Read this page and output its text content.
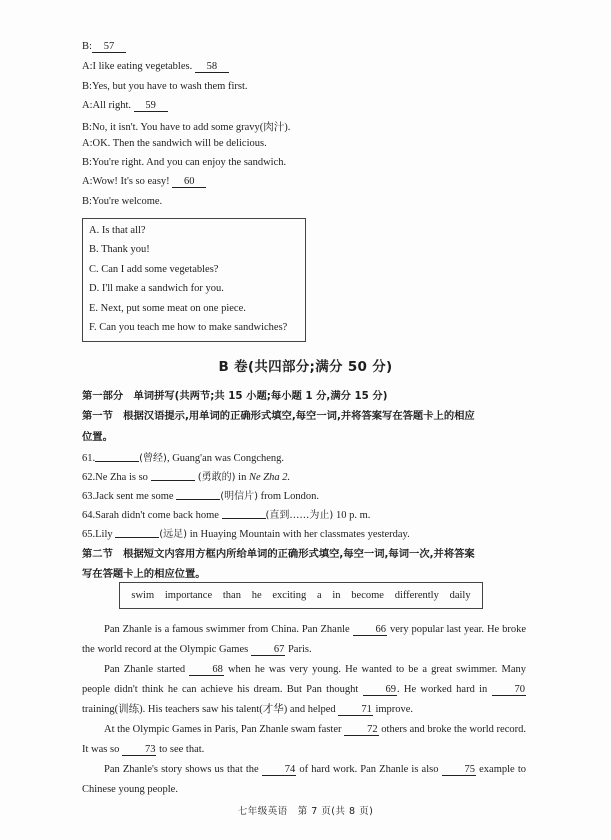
B: 57
A:I like eating vegetables. 58
B:Yes, but you have to wash them first.
A:All right. 59
B:No, it isn't. You have to add some gravy(肉汁).
A:OK. Then the sandwich will be delicious.
B:You're right. And you can enjoy the sandwich.
A:Wow! It's so easy! 60
B:You're welcome.
A. Is that all?
B. Thank you!
C. Can I add some vegetables?
D. I'll make a sandwich for you.
E. Next, put some meat on one piece.
F. Can you teach me how to make sandwiches?
B 卷(共四部分;满分 50 分)
第一部分　单词拼写(共两节;共 15 小题;每小题 1 分,满分 15 分)
第一节　根据汉语提示,用单词的正确形式填空,每空一词,并将答案写在答题卡上的相应
位置。
61.	(曾经), Guang'an was Congcheng.
62.Ne Zha is so	(勇敢的) in Ne Zha 2.
63.Jack sent me some	(明信片) from London.
64.Sarah didn't come back home	(直到……为止) 10 p. m.
65.Lily	(远足) in Huaying Mountain with her classmates yesterday.
第二节　根据短文内容用方框内所给单词的正确形式填空,每空一词,每词一次,并将答案
写在答题卡上的相应位置。
swim importance than he exciting a in become differently daily
Pan Zhanle is a famous swimmer from China. Pan Zhanle 66 very popular last year. He broke the world record at the Olympic Games 67 Paris.
Pan Zhanle started 68 when he was very young. He wanted to be a great swimmer. Many people didn't think he can achieve his dream. But Pan thought 69. He worked hard in 70 training(训练). His teachers saw his talent(才华) and helped 71 improve.
At the Olympic Games in Paris, Pan Zhanle swam faster 72 others and broke the world record. It was so 73 to see that.
Pan Zhanle's story shows us that the 74 of hard work. Pan Zhanle is also 75 example to Chinese young people.
七年级英语　第 7 页(共 8 页)
